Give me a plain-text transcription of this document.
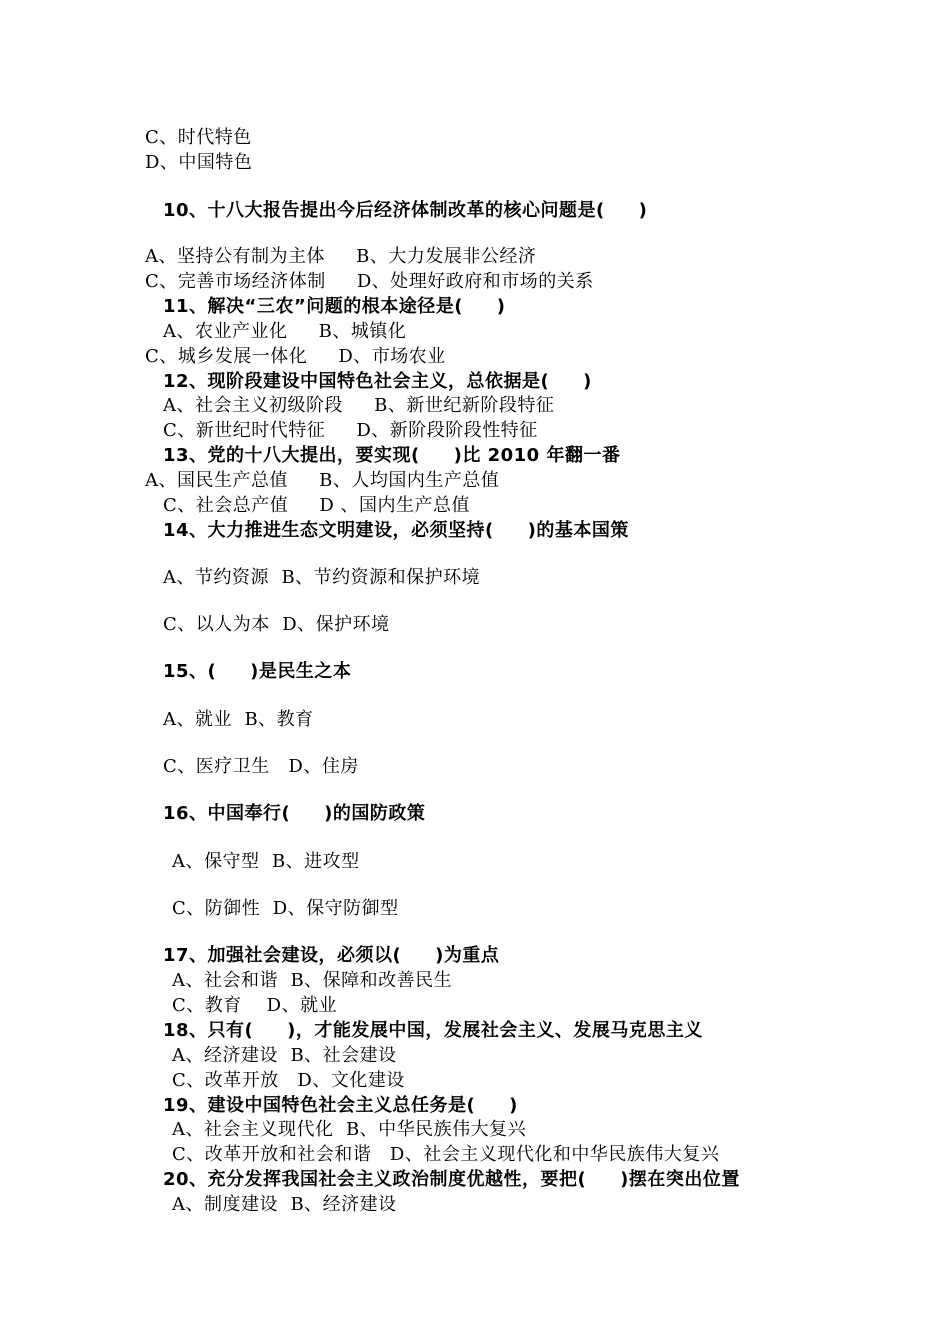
C、时代特色
D、中国特色
10、十八大报告提出今后经济体制改革的核心问题是(     )
A、坚持公有制为主体     B、大力发展非公经济
C、完善市场经济体制     D、处理好政府和市场的关系
11、解决“三农”问题的根本途径是(     )
A、农业产业化     B、城镇化
C、城乡发展一体化     D、市场农业
12、现阶段建设中国特色社会主义，总依据是(     )
A、社会主义初级阶段     B、新世纪新阶段特征
C、新世纪时代特征     D、新阶段阶段性特征
13、党的十八大提出，要实现(     )比 2010 年翻一番
A、国民生产总值     B、人均国内生产总值
C、社会总产值     D 、国内生产总值
14、大力推进生态文明建设，必须坚持(     )的基本国策
A、节约资源  B、节约资源和保护环境
C、以人为本  D、保护环境
15、(     )是民生之本
A、就业  B、教育
C、医疗卫生   D、住房
16、中国奉行(     )的国防政策
A、保守型  B、进攻型
C、防御性  D、保守防御型
17、加强社会建设，必须以(     )为重点
A、社会和谐  B、保障和改善民生
C、教育    D、就业
18、只有(     )，才能发展中国，发展社会主义、发展马克思主义
A、经济建设  B、社会建设
C、改革开放   D、文化建设
19、建设中国特色社会主义总任务是(     )
A、社会主义现代化  B、中华民族伟大复兴
C、改革开放和社会和谐   D、社会主义现代化和中华民族伟大复兴
20、充分发挥我国社会主义政治制度优越性，要把(     )摆在突出位置
A、制度建设  B、经济建设
